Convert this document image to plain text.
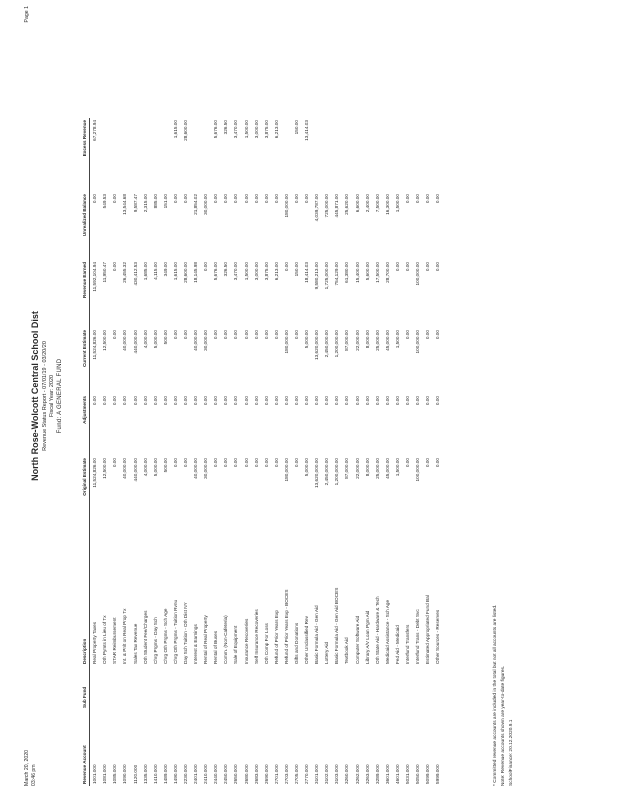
March 20, 2020 03:46 pm
Page 1
North Rose-Wolcott Central School Dist Revenue Status Report - 07/01/19 - 03/20/20 Fiscal Year: 2020 Fund: A GENERAL FUND
Revenue Account	Sub Fund	Description	Original Estimate	Adjustments	Current Estimate	Revenue Earned	Unrealized Balance	Excess Revenue
1001.000		Real Property Taxes	11,524,826.00	0.00	11,524,826.00	11,592,104.94	0.00	67,278.94
1081.000		Oth Pymts in Lieu of Tx	12,500.00	0.00	12,500.00	11,950.47	549.53	
1085.000		STAR Reimbursement	0.00	0.00	0.00	0.00	0.00	
1090.000		Int. & Pnlt on Real Prop Tx	40,000.00	0.00	40,000.00	26,455.32	13,544.68	
1120.000		Sales Tax Revenue	440,000.00	0.00	440,000.00	430,412.53	9,587.47	
1335.000		Oth Student Fee/Charges	4,000.00	0.00	4,000.00	1,685.00	2,315.00	
1410.000		Chrg Prgms - Day Sch	5,000.00	0.00	5,000.00	4,115.00	885.00	
1489.000		Chrg Oth Prgms - Sch Age	500.00	0.00	500.00	349.00	151.00	
1490.000		Chrg Oth Prgms - Tuition Rvnu	0.00	0.00	0.00	1,615.00	0.00	1,615.00
2230.000		Day Sch Tuition - Oth Dist NY	0.00	0.00	0.00	28,600.00	0.00	28,600.00
2401.000		Interest & Earnings	40,000.00	0.00	40,000.00	18,145.98	21,854.02	
2410.000		Rental of Real Property	30,000.00	0.00	30,000.00	0.00	30,000.00	
2440.000		Rental of Buses	0.00	0.00	0.00	5,676.00	0.00	5,676.00
2450.000		Comm. (Non-Cafeteria)	0.00	0.00	0.00	326.50	0.00	326.50
2650.000		Sale of Equipment	0.00	0.00	0.00	3,470.00	0.00	3,470.00
2680.000		Insurance Recoveries	0.00	0.00	0.00	1,500.00	0.00	1,500.00
2683.000		Self Insurance Recoveries	0.00	0.00	0.00	3,000.00	0.00	3,000.00
2690.000		Oth Comp For Loss	0.00	0.00	0.00	3,875.00	0.00	3,875.00
2701.000		Refund of Prior Years Exp	0.00	0.00	0.00	6,213.00	0.00	6,213.00
2703.000		Refund of Prior Years Exp - BOCES	180,000.00	0.00	180,000.00	0.00	180,000.00	
2705.000		Gifts and Donations	0.00	0.00	0.00	150.00	0.00	150.00
2770.000		Other Unclassified Rev	5,000.00	0.00	5,000.00	18,414.03	0.00	13,414.03
3101.000		Basic Formula Aid - Gen Aid	13,620,000.00	0.00	13,620,000.00	9,580,213.00	4,039,787.00	
3102.000		Lottery Aid	2,450,000.00	0.00	2,450,000.00	1,725,000.00	725,000.00	
3103.000		Basic Formula Aid - Gen Aid BOCES	1,200,000.00	0.00	1,200,000.00	754,129.00	445,871.00	
3260.000		Textbook Aid	87,000.00	0.00	87,000.00	61,380.00	25,620.00	
3262.000		Computer Software Aid	22,000.00	0.00	22,000.00	15,400.00	6,600.00	
3263.000		Library A/V Loan Pgm Aid	8,000.00	0.00	8,000.00	5,600.00	2,400.00	
3289.000		Oth State Aid - Hardware & Tech	25,000.00	0.00	25,000.00	17,500.00	7,500.00	
3601.000		Medicaid Assistance - Sch Age	45,000.00	0.00	45,000.00	28,700.00	16,300.00	
4601.000		Fed Aid - Medicaid	1,500.00	0.00	1,500.00	0.00	1,500.00	
5031.000		Interfund Transfers	0.00	0.00	0.00	0.00	0.00	
5050.000		Interfund Trans - Debt Svc	100,000.00	0.00	100,000.00	100,000.00	0.00	
5099.000		Estimated Appropriated Fund Bal	0.00	0.00	0.00	0.00	0.00	
5999.000		Other Sources - Reserves	0.00	0.00	0.00	0.00	0.00	
* Committed revenue accounts are included in the total but not all accounts are listed. Note: Revenue accounts shown are year-to-date figures. SchoolFinance: 20.12.2020.9.1
